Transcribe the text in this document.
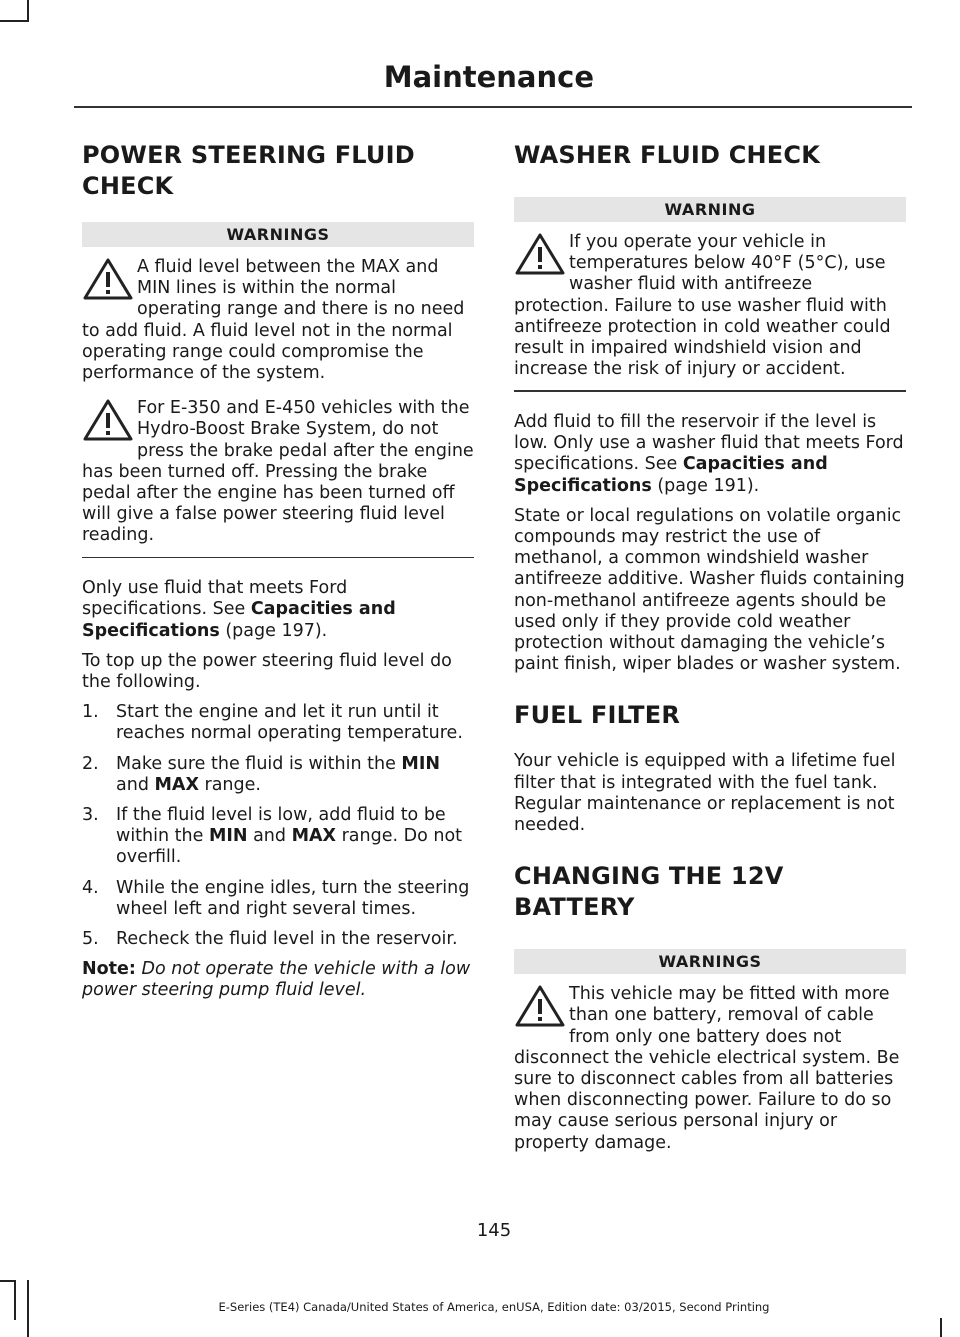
Maintenance
POWER STEERING FLUID CHECK
WARNINGS
A fluid level between the MAX and MIN lines is within the normal operating range and there is no need to add fluid. A fluid level not in the normal operating range could compromise the performance of the system.
For E-350 and E-450 vehicles with the Hydro-Boost Brake System, do not press the brake pedal after the engine has been turned off. Pressing the brake pedal after the engine has been turned off will give a false power steering fluid level reading.

Only use fluid that meets Ford specifications. See Capacities and Specifications (page 197).

To top up the power steering fluid level do the following.

1. Start the engine and let it run until it reaches normal operating temperature.
2. Make sure the fluid is within the MIN and MAX range.
3. If the fluid level is low, add fluid to be within the MIN and MAX range. Do not overfill.
4. While the engine idles, turn the steering wheel left and right several times.
5. Recheck the fluid level in the reservoir.

Note: Do not operate the vehicle with a low power steering pump fluid level.

WASHER FLUID CHECK
WARNING
If you operate your vehicle in temperatures below 40°F (5°C), use washer fluid with antifreeze protection. Failure to use washer fluid with antifreeze protection in cold weather could result in impaired windshield vision and increase the risk of injury or accident.

Add fluid to fill the reservoir if the level is low. Only use a washer fluid that meets Ford specifications. See Capacities and Specifications (page 191).

State or local regulations on volatile organic compounds may restrict the use of methanol, a common windshield washer antifreeze additive. Washer fluids containing non-methanol antifreeze agents should be used only if they provide cold weather protection without damaging the vehicle’s paint finish, wiper blades or washer system.

FUEL FILTER

Your vehicle is equipped with a lifetime fuel filter that is integrated with the fuel tank. Regular maintenance or replacement is not needed.

CHANGING THE 12V BATTERY
WARNINGS
This vehicle may be fitted with more than one battery, removal of cable from only one battery does not disconnect the vehicle electrical system. Be sure to disconnect cables from all batteries when disconnecting power. Failure to do so may cause serious personal injury or property damage.
145
E-Series (TE4) Canada/United States of America, enUSA, Edition date: 03/2015, Second Printing
